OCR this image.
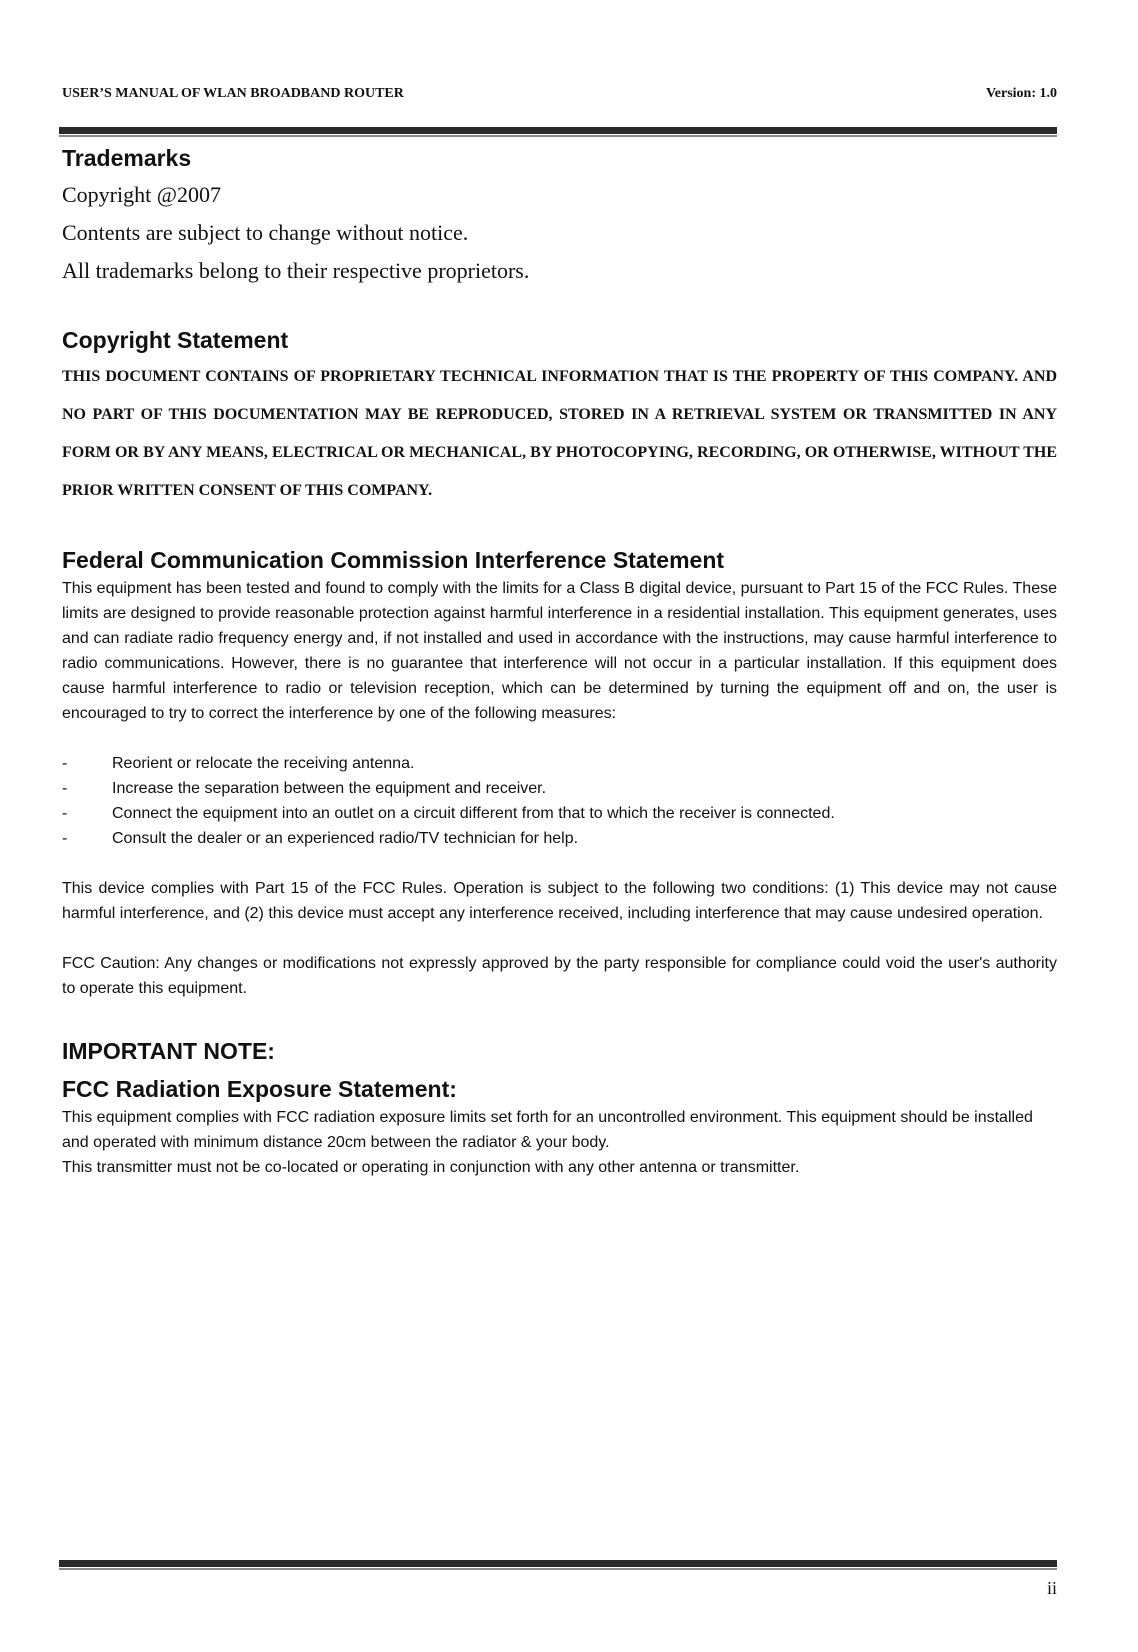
USER’S MANUAL OF WLAN BROADBAND ROUTER	Version: 1.0
Trademarks

Copyright @2007

Contents are subject to change without notice.

All trademarks belong to their respective proprietors.

Copyright Statement

THIS DOCUMENT CONTAINS OF PROPRIETARY TECHNICAL INFORMATION THAT IS THE PROPERTY OF THIS COMPANY. AND NO PART OF THIS DOCUMENTATION MAY BE REPRODUCED, STORED IN A RETRIEVAL SYSTEM OR TRANSMITTED IN ANY FORM OR BY ANY MEANS, ELECTRICAL OR MECHANICAL, BY PHOTOCOPYING, RECORDING, OR OTHERWISE, WITHOUT THE PRIOR WRITTEN CONSENT OF THIS COMPANY.

Federal Communication Commission Interference Statement

This equipment has been tested and found to comply with the limits for a Class B digital device, pursuant to Part 15 of the FCC Rules. These limits are designed to provide reasonable protection against harmful interference in a residential installation. This equipment generates, uses and can radiate radio frequency energy and, if not installed and used in accordance with the instructions, may cause harmful interference to radio communications. However, there is no guarantee that interference will not occur in a particular installation. If this equipment does cause harmful interference to radio or television reception, which can be determined by turning the equipment off and on, the user is encouraged to try to correct the interference by one of the following measures:

-	Reorient or relocate the receiving antenna.
-	Increase the separation between the equipment and receiver.
-	Connect the equipment into an outlet on a circuit different from that to which the receiver is connected.
-	Consult the dealer or an experienced radio/TV technician for help.

This device complies with Part 15 of the FCC Rules. Operation is subject to the following two conditions: (1) This device may not cause harmful interference, and (2) this device must accept any interference received, including interference that may cause undesired operation.

FCC Caution: Any changes or modifications not expressly approved by the party responsible for compliance could void the user's authority to operate this equipment.

IMPORTANT NOTE:
FCC Radiation Exposure Statement:

This equipment complies with FCC radiation exposure limits set forth for an uncontrolled environment. This equipment should be installed and operated with minimum distance 20cm between the radiator & your body.

This transmitter must not be co-located or operating in conjunction with any other antenna or transmitter.

ii
